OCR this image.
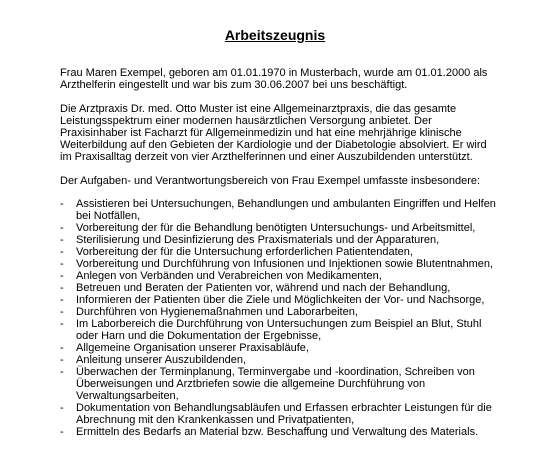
Arbeitszeugnis

Frau Maren Exempel, geboren am 01.01.1970 in Musterbach, wurde am 01.01.2000 als Arzthelferin eingestellt und war bis zum 30.06.2007 bei uns beschäftigt.

Die Arztpraxis Dr. med. Otto Muster ist eine Allgemeinarztpraxis, die das gesamte Leistungsspektrum einer modernen hausärztlichen Versorgung anbietet. Der Praxisinhaber ist Facharzt für Allgemeinmedizin und hat eine mehrjährige klinische Weiterbildung auf den Gebieten der Kardiologie und der Diabetologie absolviert. Er wird im Praxisalltag derzeit von vier Arzthelferinnen und einer Auszubildenden unterstützt.

Der Aufgaben- und Verantwortungsbereich von Frau Exempel umfasste insbesondere:

- Assistieren bei Untersuchungen, Behandlungen und ambulanten Eingriffen und Helfen bei Notfällen,
- Vorbereitung der für die Behandlung benötigten Untersuchungs- und Arbeitsmittel,
- Sterilisierung und Desinfizierung des Praxismaterials und der Apparaturen,
- Vorbereitung der für die Untersuchung erforderlichen Patientendaten,
- Vorbereitung und Durchführung von Infusionen und Injektionen sowie Blutentnahmen,
- Anlegen von Verbänden und Verabreichen von Medikamenten,
- Betreuen und Beraten der Patienten vor, während und nach der Behandlung,
- Informieren der Patienten über die Ziele und Möglichkeiten der Vor- und Nachsorge,
- Durchführen von Hygienemaßnahmen und Laborarbeiten,
- Im Laborbereich die Durchführung von Untersuchungen zum Beispiel an Blut, Stuhl oder Harn und die Dokumentation der Ergebnisse,
- Allgemeine Organisation unserer Praxisabläufe,
- Anleitung unserer Auszubildenden,
- Überwachen der Terminplanung, Terminvergabe und -koordination, Schreiben von Überweisungen und Arztbriefen sowie die allgemeine Durchführung von Verwaltungsarbeiten,
- Dokumentation von Behandlungsabläufen und Erfassen erbrachter Leistungen für die Abrechnung mit den Krankenkassen und Privatpatienten,
- Ermitteln des Bedarfs an Material bzw. Beschaffung und Verwaltung des Materials.
